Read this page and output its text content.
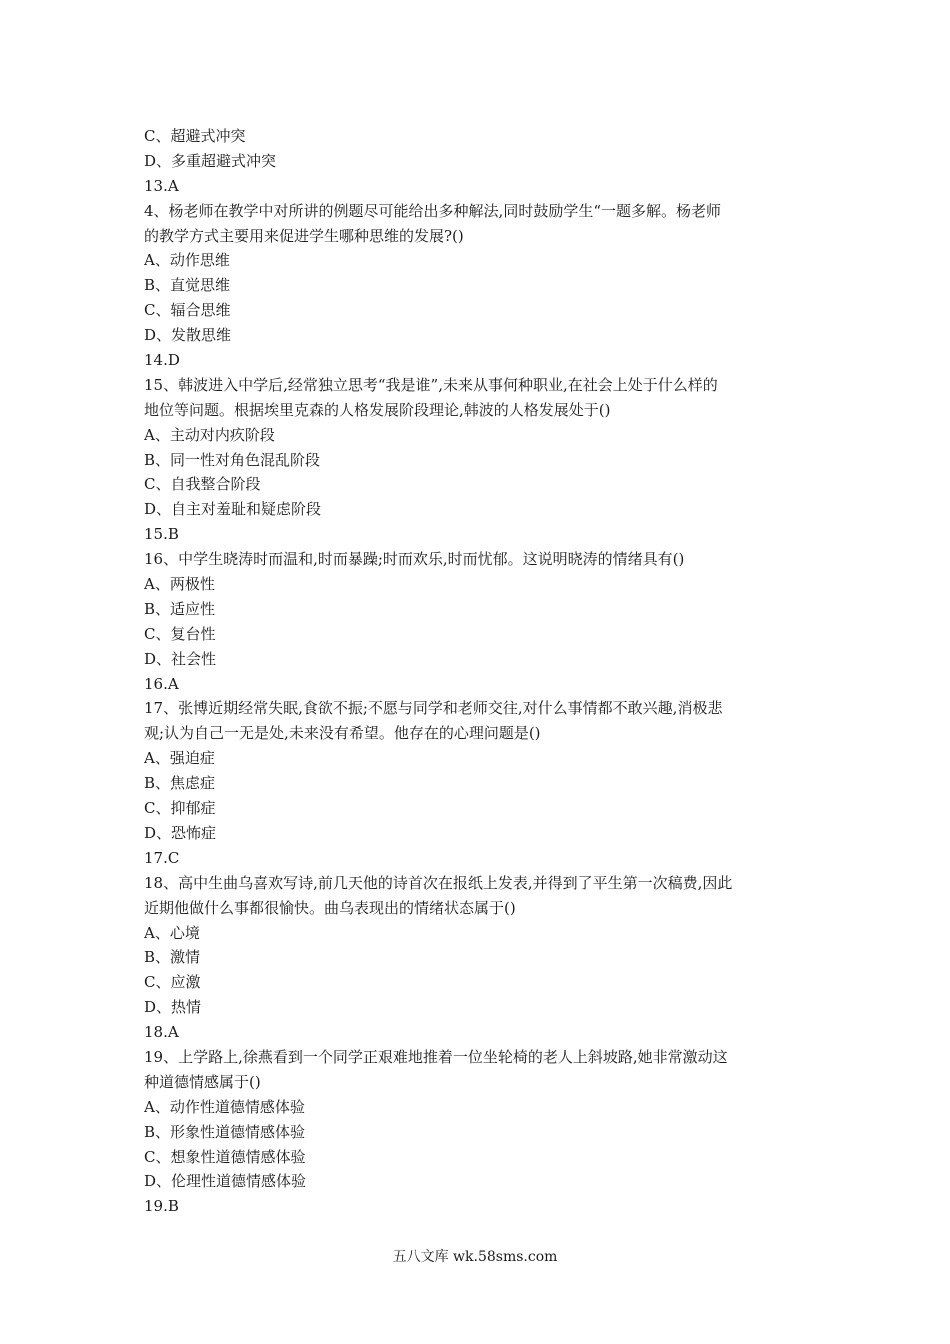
C、超避式冲突
D、多重超避式冲突
13.A
4、杨老师在教学中对所讲的例题尽可能给出多种解法,同时鼓励学生“一题多解。杨老师
的教学方式主要用来促进学生哪种思维的发展?()
A、动作思维
B、直觉思维
C、辐合思维
D、发散思维
14.D
15、韩波进入中学后,经常独立思考“我是谁”,未来从事何种职业,在社会上处于什么样的
地位等问题。根据埃里克森的人格发展阶段理论,韩波的人格发展处于()
A、主动对内疚阶段
B、同一性对角色混乱阶段
C、自我整合阶段
D、自主对羞耻和疑虑阶段
15.B
16、中学生晓涛时而温和,时而暴躁;时而欢乐,时而忧郁。这说明晓涛的情绪具有()
A、两极性
B、适应性
C、复台性
D、社会性
16.A
17、张博近期经常失眠,食欲不振;不愿与同学和老师交往,对什么事情都不敢兴趣,消极悲
观;认为自己一无是处,未来没有希望。他存在的心理问题是()
A、强迫症
B、焦虑症
C、抑郁症
D、恐怖症
17.C
18、高中生曲乌喜欢写诗,前几天他的诗首次在报纸上发表,并得到了平生第一次稿费,因此
近期他做什么事都很愉快。曲乌表现出的情绪状态属于()
A、心境
B、激情
C、应激
D、热情
18.A
19、上学路上,徐燕看到一个同学正艰难地推着一位坐轮椅的老人上斜坡路,她非常激动这
种道德情感属于()
A、动作性道德情感体验
B、形象性道德情感体验
C、想象性道德情感体验
D、伦理性道德情感体验
19.B
五八文库 wk.58sms.com
